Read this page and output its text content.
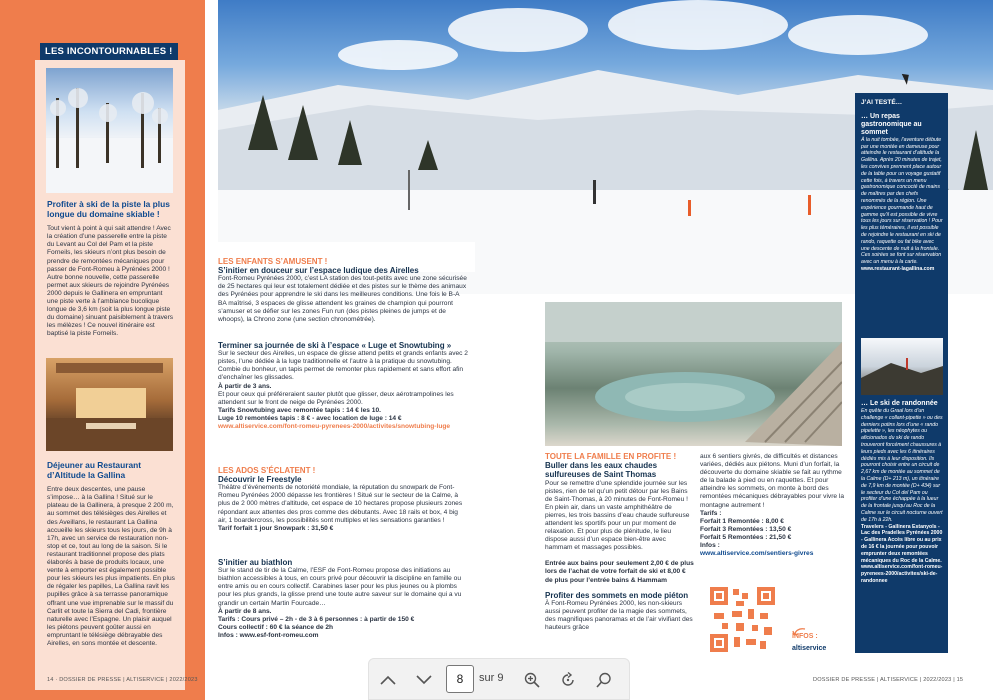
LES INCONTOURNABLES !
Profiter à ski de la piste la plus longue du domaine skiable !
Tout vient à point à qui sait attendre ! Avec la création d’une passerelle entre la piste du Levant au Col del Pam et la piste Forneils, les skieurs n’ont plus besoin de prendre de remontées mécaniques pour passer de Font-Romeu à Pyrénées 2000 ! Autre bonne nouvelle, cette passerelle permet aux skieurs de rejoindre Pyrénées 2000 depuis le Gallinera en empruntant une piste verte à l’ambiance bucolique longue de 3,6 km (soit la plus longue piste du domaine) sinuant paisiblement à travers les mélèzes ! Ce nouvel itinéraire est baptisé la piste Forneils.
Déjeuner au Restaurant d’Altitude la Gallina
Entre deux descentes, une pause s’impose… à la Gallina ! Situé sur le plateau de la Gallinera, à presque 2 200 m, au sommet des télésièges des Airelles et des Aveillans, le restaurant La Gallina accueille les skieurs tous les jours, de 9h à 17h, avec un service de restauration non-stop et ce, tout au long de la saison. Si le restaurant traditionnel propose des plats élaborés à base de produits locaux, une vente à emporter est également possible pour les skieurs les plus impatients. En plus de régaler les papilles, La Gallina ravit les pupilles grâce à sa terrasse panoramique offrant une vue imprenable sur le massif du Carlit et toute la Sierra del Cadi, frontière naturelle avec l’Espagne. Un plaisir auquel les piétons peuvent goûter aussi en empruntant le télésiège débrayable des Airelles, en sons montée et descente.
14 · DOSSIER DE PRESSE | ALTISERVICE | 2022/2023
LES ENFANTS S’AMUSENT !
S’initier en douceur sur l’espace ludique des Airelles
Font-Romeu Pyrénées 2000, c’est LA station des tout-petits avec une zone sécurisée de 25 hectares qui leur est totalement dédiée et des pistes sur le thème des animaux des Pyrénées pour apprendre le ski dans les meilleures conditions. Une fois le B-A BA maîtrisé, 3 espaces de glisse attendent les graines de champion qui pourront s’amuser et se défier sur les zones Fun run (des pistes pleines de jumps et de whoops), la Chrono zone (une section chronométrée).
Terminer sa journée de ski à l’espace « Luge et Snowtubing »
Sur le secteur des Airelles, un espace de glisse attend petits et grands enfants avec 2 pistes, l’une dédiée à la luge traditionnelle et l’autre à la pratique du snowtubing. Combie du bonheur, un tapis permet de remonter plus rapidement et sans effort afin d’enchaîner les glissades.
À partir de 3 ans.
Et pour ceux qui préféreraient sauter plutôt que glisser, deux aérotrampolines les attendent sur le front de neige de Pyrénées 2000.
Tarifs Snowtubing avec remontée tapis : 14 € les 10.
Luge 10 remontées tapis : 8 € - avec location de luge : 14 €
www.altiservice.com/font-romeu-pyrenees-2000/activites/snowtubing-luge
LES ADOS S’ÉCLATENT !
Découvrir le Freestyle
Théâtre d’événements de notoriété mondiale, la réputation du snowpark de Font-Romeu Pyrénées 2000 dépasse les frontières ! Situé sur le secteur de la Calme, à plus de 2 000 mètres d’altitude, cet espace de 10 hectares propose plusieurs zones répondant aux attentes des pros comme des débutants. Avec 18 rails et box, 4 big air, 1 boardercross, les possibilités sont multiples et les sensations garanties !
Tarif forfait 1 jour Snowpark : 31,50 €
S’initier au biathlon
Sur le stand de tir de la Calme, l’ESF de Font-Romeu propose des initiations au biathlon accessibles à tous, en cours privé pour découvrir la discipline en famille ou entre amis ou en cours collectif. Carabines laser pour les plus jeunes ou à plombs pour les plus grands, la glisse prend une toute autre saveur sur le domaine qui a vu grandir un certain Martin Fourcade…
À partir de 8 ans.
Tarifs : Cours privé – 2h - de 3 à 6 personnes : à partir de 150 €
Cours collectif : 60 € la séance de 2h
Infos : www.esf-font-romeu.com
TOUTE LA FAMILLE EN PROFITE !
Buller dans les eaux chaudes sulfureuses de Saint Thomas
Pour se remettre d’une splendide journée sur les pistes, rien de tel qu’un petit détour par les Bains de Saint-Thomas, à 20 minutes de Font-Romeu ! En plein air, dans un vaste amphithéâtre de pierres, les trois bassins d’eau chaude sulfureuse attendent les sportifs pour un pur moment de relaxation. Et pour plus de plénitude, le lieu dispose aussi d’un espace bien-être avec hammam et massages possibles.
Entrée aux bains pour seulement 2,00 € de plus lors de l’achat de votre forfait de ski et 8,00 € de plus pour l’entrée bains & Hammam
Profiter des sommets en mode piéton
À Font-Romeu Pyrénées 2000, les non-skieurs aussi peuvent profiter de la magie des sommets, des magnifiques panoramas et de l’air vivifiant des hauteurs grâce
aux 6 sentiers givrés, de difficultés et distances variées, dédiés aux piétons. Muni d’un forfait, la découverte du domaine skiable se fait au rythme de la balade à pied ou en raquettes. Et pour atteindre les sommets, on monte à bord des remontées mécaniques débrayables pour vivre la montagne autrement !
Tarifs :
Forfait 1 Remontée : 8,00 €
Forfait 3 Remontées : 13,50 €
Forfait 5 Remontées : 21,50 €
Infos :
www.altiservice.com/sentiers-givres
INFOS :
altiservice
J’AI TESTÉ…
… Un repas gastronomique au sommet
À la nuit tombée, l’aventure débute par une montée en dameuse pour atteindre le restaurant d’altitude la Gallina. Après 20 minutes de trajet, les convives prennent place autour de la table pour un voyage gustatif cette fois, à travers un menu gastronomique concocté de mains de maîtres par des chefs renommés de la région. Une expérience gourmande haut de gamme qu’il est possible de vivre tous les jours sur réservation ! Pour les plus téméraires, il est possible de rejoindre le restaurant en ski de rando, raquette ou fat bike avec une descente de nuit à la frontale. Ces soirées se font sur réservation avec un menu à la carte.
www.restaurant-lagallina.com
… Le ski de randonnée
En quête du Graal lors d’un challenge « collant-pipette » ou des derniers potins lors d’une « rando pipelette », les néophytes ou aficionados du ski de rando trouveront forcément chaussures à leurs pieds avec les 6 itinéraires dédiés mis à leur disposition. Ils pourront choisir entre un circuit de 2,67 km de montée au sommet de la Calme (D+ 213 m), un itinéraire de 7,9 km de montée (D+ 434) sur le secteur du Col del Pam ou profiter d’une échappée à la lueur de la frontale jusqu’au Roc de la Calme sur le circuit nocturne ouvert de 17h à 22h.
Travelers - Gallinera Estanyols - Lac des Pradelles Pyrénées 2000 - Gallinera Accès libre ou au prix de 16 € la journée pour pouvoir emprunter deux remontées mécaniques du Roc de la Calme.
www.altiservice.com/font-romeu-pyrenees-2000/activites/ski-de-randonnee
DOSSIER DE PRESSE | ALTISERVICE | 2022/2023 | 15
8	sur 9
